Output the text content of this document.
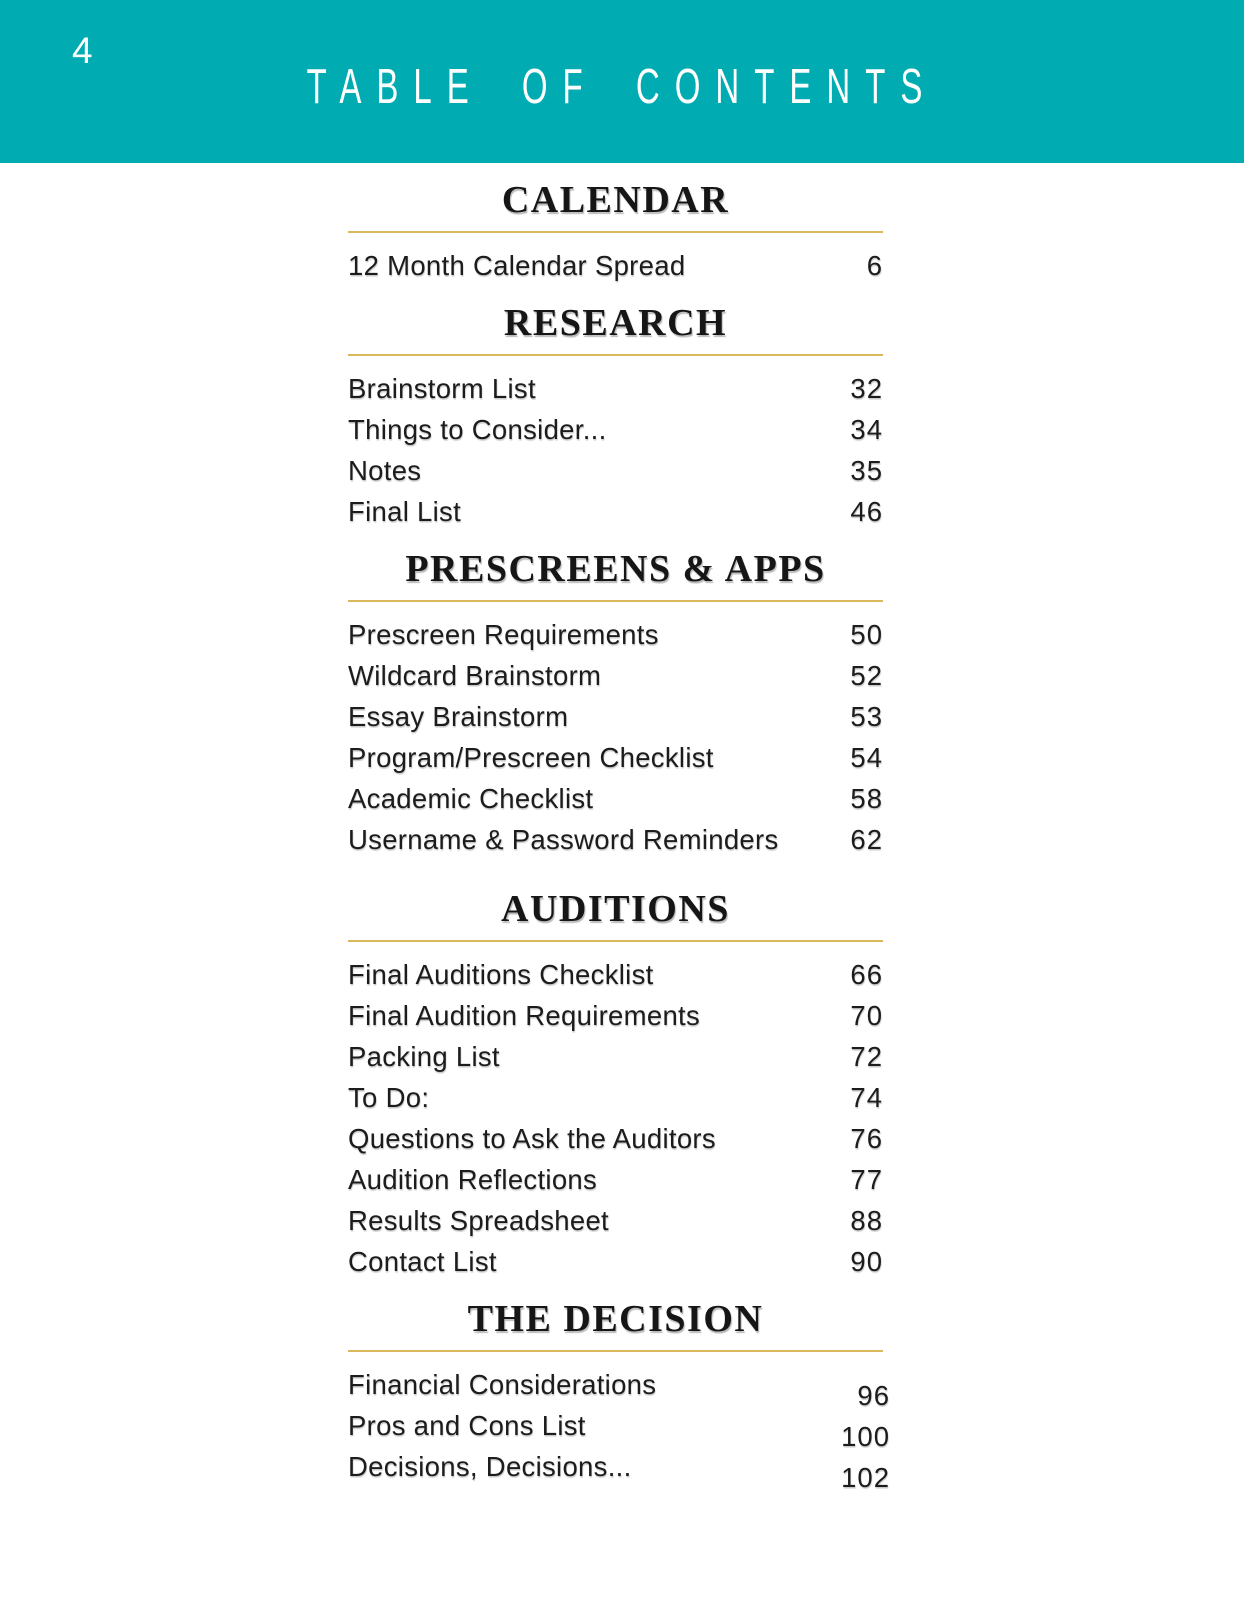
4
TABLE OF CONTENTS
CALENDAR
12 Month Calendar Spread	6
RESEARCH
Brainstorm List	32
Things to Consider...	34
Notes	35
Final List	46
PRESCREENS & APPS
Prescreen Requirements	50
Wildcard Brainstorm	52
Essay Brainstorm	53
Program/Prescreen Checklist	54
Academic Checklist	58
Username & Password Reminders	62
AUDITIONS
Final Auditions Checklist	66
Final Audition Requirements	70
Packing List	72
To Do:	74
Questions to Ask the Auditors	76
Audition Reflections	77
Results Spreadsheet	88
Contact List	90
THE DECISION
Financial Considerations	96
Pros and Cons List	100
Decisions, Decisions...	102
